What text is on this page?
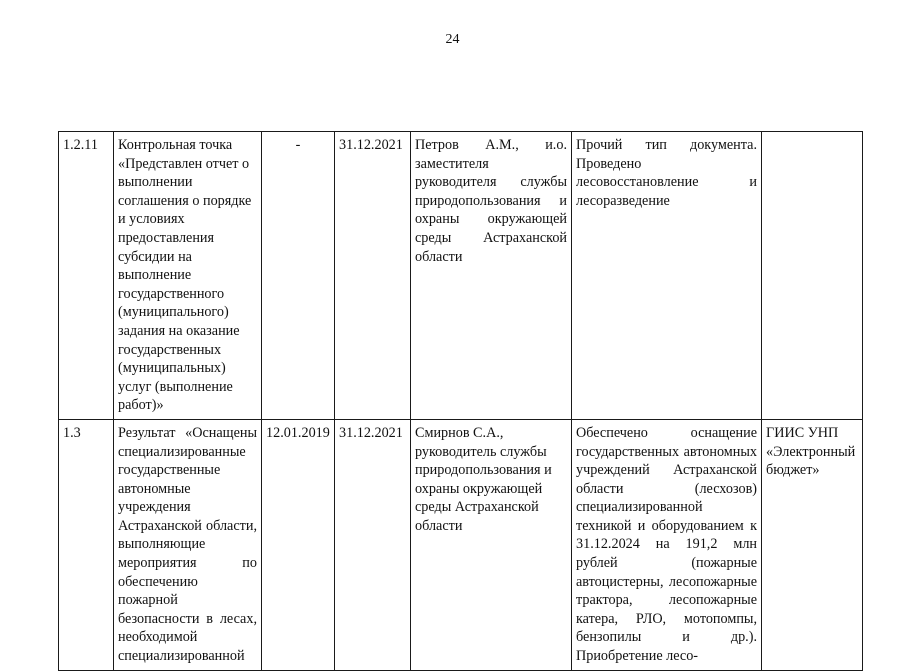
24
1.2.11	Контрольная точка «Представлен отчет о выполнении соглашения о порядке и условиях предоставления субсидии на выполнение государственного (муниципального) задания на оказание государственных (муниципальных) услуг (выполнение работ)»	-	31.12.2021	Петров А.М., и.о. заместителя руководителя службы природопользования и охраны окружающей среды Астраханской области	Прочий тип документа. Проведено лесовосстановление и лесоразведение	
1.3	Результат «Оснащены специализированные государственные автономные учреждения Астраханской области, выполняющие мероприятия по обеспечению пожарной безопасности в лесах, необходимой специализированной	12.01.2019	31.12.2021	Смирнов С.А., руководитель службы природопользования и охраны окружающей среды Астраханской области	Обеспечено оснащение государственных автономных учреждений Астраханской области (лесхозов) специализированной техникой и оборудованием к 31.12.2024 на 191,2 млн рублей (пожарные автоцистерны, лесопожарные трактора, лесопожарные катера, РЛО, мотопомпы, бензопилы и др.). Приобретение лесо-	ГИИС УНП «Электронный бюджет»
